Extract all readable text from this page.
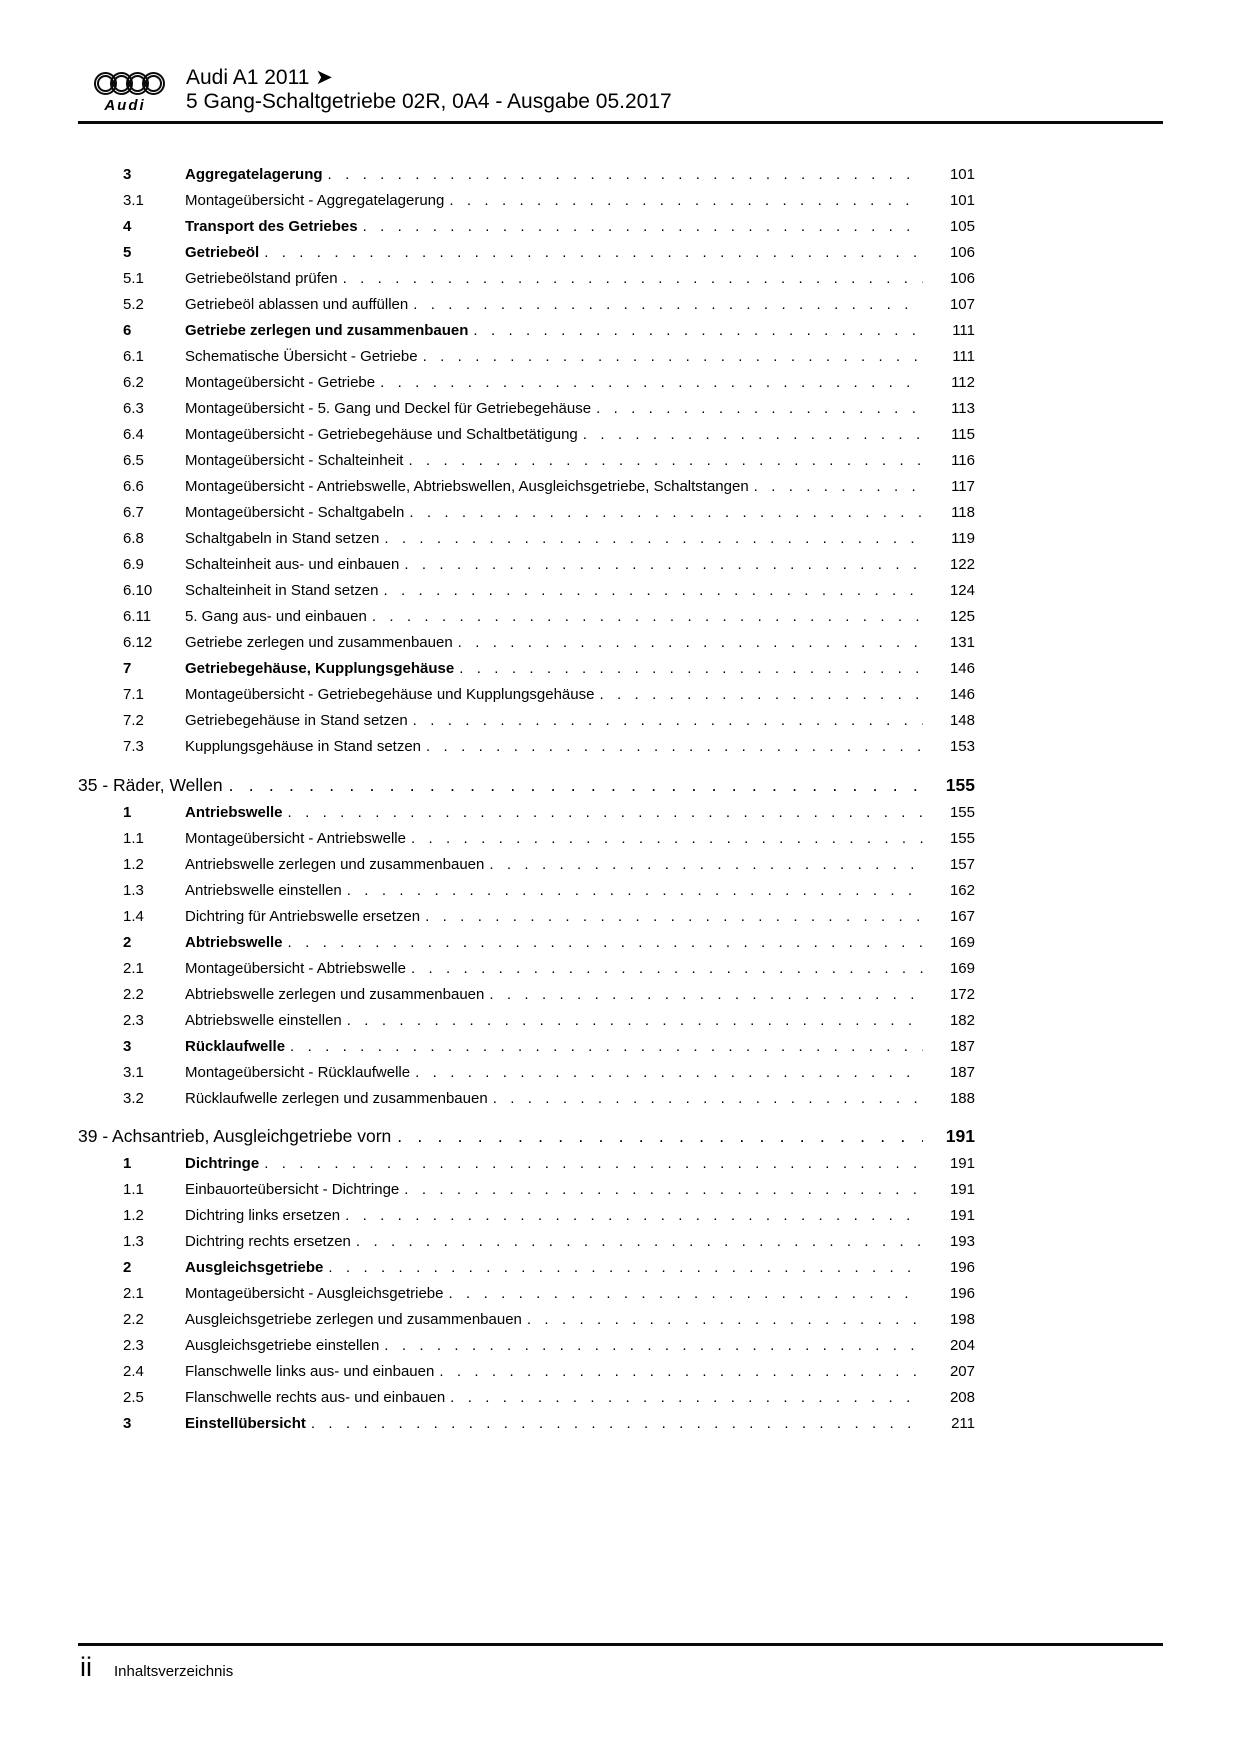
Audi
Audi A1 2011 ➤
5 Gang-Schaltgetriebe 02R, 0A4 - Ausgabe 05.2017
3	Aggregatelagerung . . .	101
3.1	Montageübersicht - Aggregatelagerung . . .	101
4	Transport des Getriebes . . .	105
5	Getriebeöl . . .	106
5.1	Getriebeölstand prüfen . . .	106
5.2	Getriebeöl ablassen und auffüllen . . .	107
6	Getriebe zerlegen und zusammenbauen . . .	111
6.1	Schematische Übersicht - Getriebe . . .	111
6.2	Montageübersicht - Getriebe . . .	112
6.3	Montageübersicht - 5. Gang und Deckel für Getriebegehäuse . . .	113
6.4	Montageübersicht - Getriebegehäuse und Schaltbetätigung . . .	115
6.5	Montageübersicht - Schalteinheit . . .	116
6.6	Montageübersicht - Antriebswelle, Abtriebswellen, Ausgleichsgetriebe, Schaltstangen . . .	117
6.7	Montageübersicht - Schaltgabeln . . .	118
6.8	Schaltgabeln in Stand setzen . . .	119
6.9	Schalteinheit aus- und einbauen . . .	122
6.10	Schalteinheit in Stand setzen . . .	124
6.11	5. Gang aus- und einbauen . . .	125
6.12	Getriebe zerlegen und zusammenbauen . . .	131
7	Getriebegehäuse, Kupplungsgehäuse . . .	146
7.1	Montageübersicht - Getriebegehäuse und Kupplungsgehäuse . . .	146
7.2	Getriebegehäuse in Stand setzen . . .	148
7.3	Kupplungsgehäuse in Stand setzen . . .	153
35 - Räder, Wellen . . .	155
1	Antriebswelle . . .	155
1.1	Montageübersicht - Antriebswelle . . .	155
1.2	Antriebswelle zerlegen und zusammenbauen . . .	157
1.3	Antriebswelle einstellen . . .	162
1.4	Dichtring für Antriebswelle ersetzen . . .	167
2	Abtriebswelle . . .	169
2.1	Montageübersicht - Abtriebswelle . . .	169
2.2	Abtriebswelle zerlegen und zusammenbauen . . .	172
2.3	Abtriebswelle einstellen . . .	182
3	Rücklaufwelle . . .	187
3.1	Montageübersicht - Rücklaufwelle . . .	187
3.2	Rücklaufwelle zerlegen und zusammenbauen . . .	188
39 - Achsantrieb, Ausgleichgetriebe vorn . . .	191
1	Dichtringe . . .	191
1.1	Einbauorteübersicht - Dichtringe . . .	191
1.2	Dichtring links ersetzen . . .	191
1.3	Dichtring rechts ersetzen . . .	193
2	Ausgleichsgetriebe . . .	196
2.1	Montageübersicht - Ausgleichsgetriebe . . .	196
2.2	Ausgleichsgetriebe zerlegen und zusammenbauen . . .	198
2.3	Ausgleichsgetriebe einstellen . . .	204
2.4	Flanschwelle links aus- und einbauen . . .	207
2.5	Flanschwelle rechts aus- und einbauen . . .	208
3	Einstellübersicht . . .	211
ii Inhaltsverzeichnis
